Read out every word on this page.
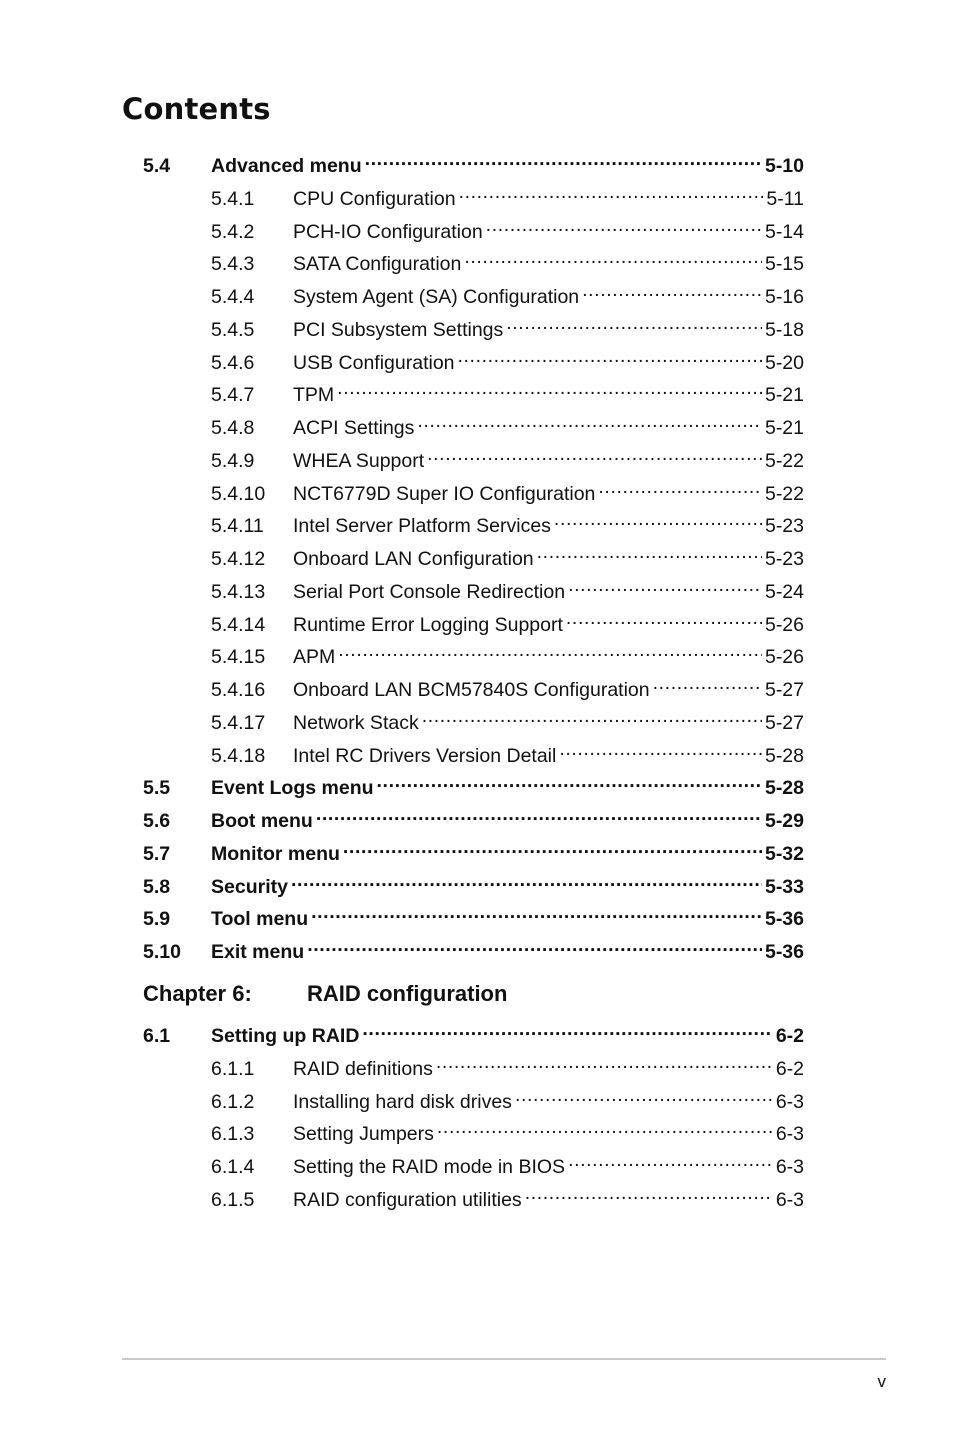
Contents
5.4	Advanced menu .....	5-10
5.4.1	CPU Configuration .....	5-11
5.4.2	PCH-IO Configuration .....	5-14
5.4.3	SATA Configuration .....	5-15
5.4.4	System Agent (SA) Configuration .....	5-16
5.4.5	PCI Subsystem Settings .....	5-18
5.4.6	USB Configuration .....	5-20
5.4.7	TPM .....	5-21
5.4.8	ACPI Settings .....	5-21
5.4.9	WHEA Support .....	5-22
5.4.10	NCT6779D Super IO Configuration .....	5-22
5.4.11	Intel Server Platform Services .....	5-23
5.4.12	Onboard LAN Configuration .....	5-23
5.4.13	Serial Port Console Redirection .....	5-24
5.4.14	Runtime Error Logging Support .....	5-26
5.4.15	APM .....	5-26
5.4.16	Onboard LAN BCM57840S Configuration .....	5-27
5.4.17	Network Stack .....	5-27
5.4.18	Intel RC Drivers Version Detail .....	5-28
5.5	Event Logs menu .....	5-28
5.6	Boot menu .....	5-29
5.7	Monitor menu .....	5-32
5.8	Security .....	5-33
5.9	Tool menu .....	5-36
5.10	Exit menu .....	5-36
6.1	Setting up RAID .....	6-2
6.1.1	RAID definitions .....	6-2
6.1.2	Installing hard disk drives .....	6-3
6.1.3	Setting Jumpers .....	6-3
6.1.4	Setting the RAID mode in BIOS .....	6-3
6.1.5	RAID configuration utilities .....	6-3
Chapter 6:	RAID configuration
v
